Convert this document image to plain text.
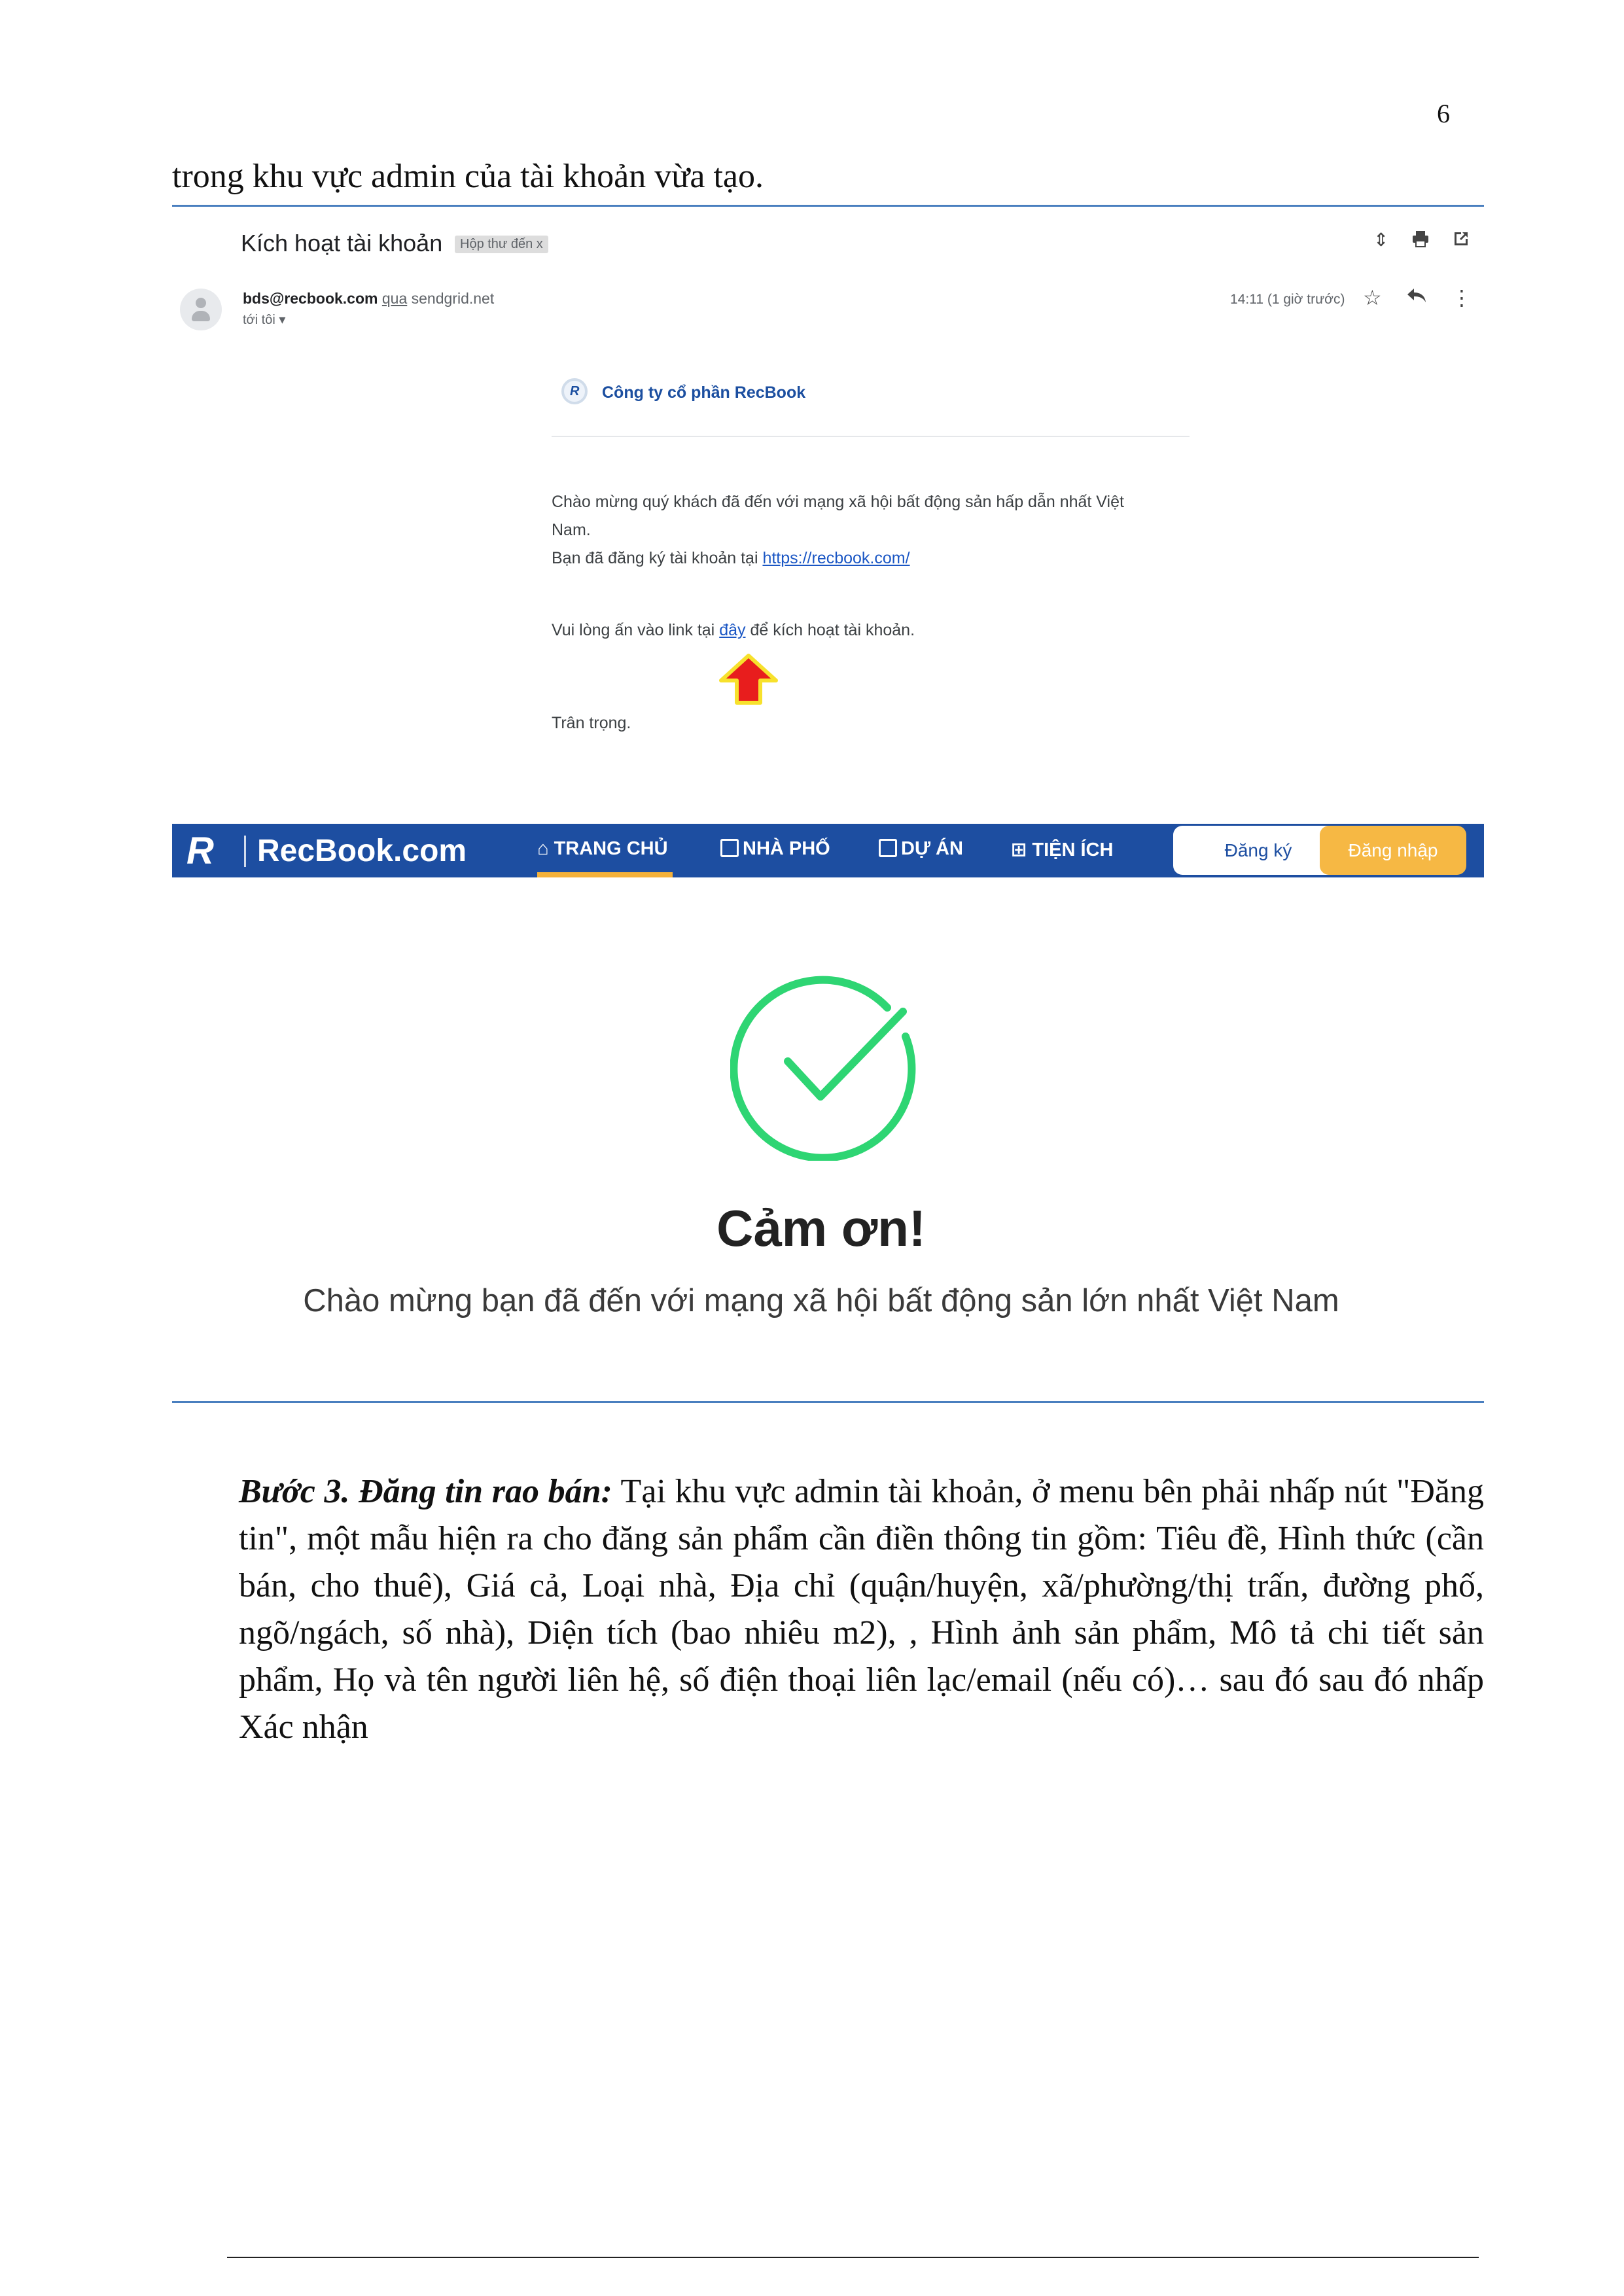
6
trong khu vực admin của tài khoản vừa tạo.
Kích hoạt tài khoản	Hộp thư đến x	⇕
bds@recbook.com qua sendgrid.net
tới tôi ▾
14:11 (1 giờ trước) ☆	⋮
R Công ty cổ phần RecBook
Chào mừng quý khách đã đến với mạng xã hội bất động sản hấp dẫn nhất Việt
Nam.
Bạn đã đăng ký tài khoản tại https://recbook.com/
Vui lòng ấn vào link tại đây để kích hoạt tài khoản.
Trân trọng.
R RecBook.com	⌂ TRANG CHỦ	NHÀ PHỐ	DỰ ÁN	⊞ TIỆN ÍCH	Đăng ký	Đăng nhập
Cảm ơn!
Chào mừng bạn đã đến với mạng xã hội bất động sản lớn nhất Việt Nam
Bước 3. Đăng tin rao bán: Tại khu vực admin tài khoản, ở menu bên phải nhấp nút "Đăng tin", một mẫu hiện ra cho đăng sản phẩm cần điền thông tin gồm: Tiêu đề, Hình thức (cần bán, cho thuê), Giá cả, Loại nhà, Địa chỉ (quận/huyện, xã/phường/thị trấn, đường phố, ngõ/ngách, số nhà), Diện tích (bao nhiêu m2), , Hình ảnh sản phẩm, Mô tả chi tiết sản phẩm, Họ và tên người liên hệ, số điện thoại liên lạc/email (nếu có)… sau đó sau đó nhấp Xác nhận
